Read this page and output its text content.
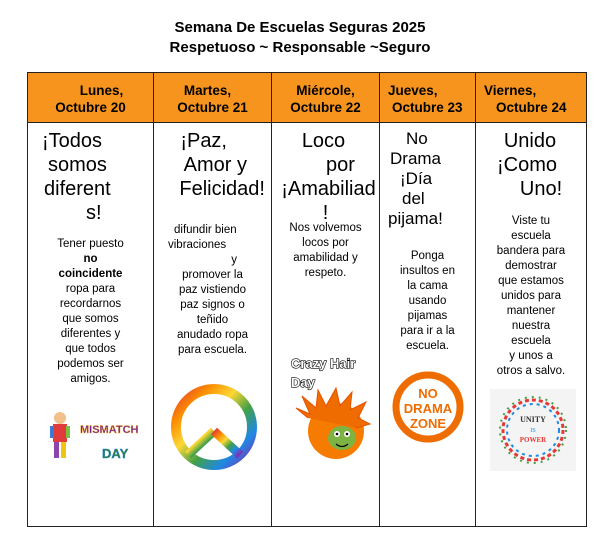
Semana De Escuelas Seguras 2025
Respetuoso ~ Responsable ~Seguro
Lunes,
Octubre 20
¡Todos
somos
diferent
s!
Tener puesto
no
coincidente
ropa para
recordarnos
que somos
diferentes y
que todos
podemos ser
amigos.
MISMATCH
DAY
Martes,
Octubre 21
¡Paz,
Amor y
Felicidad!
difundir bien
vibraciones
y
promover la
paz vistiendo
paz signos o
teñido
anudado ropa
para escuela.
Miércole,
Octubre 22
Loco
por
¡Amabiliad
!
Nos volvemos
locos por
amabilidad y
respeto.
Crazy Hair
Day
Jueves,
Octubre 23
No
Drama
¡Día
del
pijama!
Ponga
insultos en
la cama
usando
pijamas
para ir a la
escuela.
NO
DRAMA
ZONE
Viernes,
Octubre 24
Unido
¡Como
Uno!
Viste tu
escuela
bandera para
demostrar
que estamos
unidos para
mantener
nuestra
escuela
y unos a
otros a salvo.
UNITY
IS
POWER
